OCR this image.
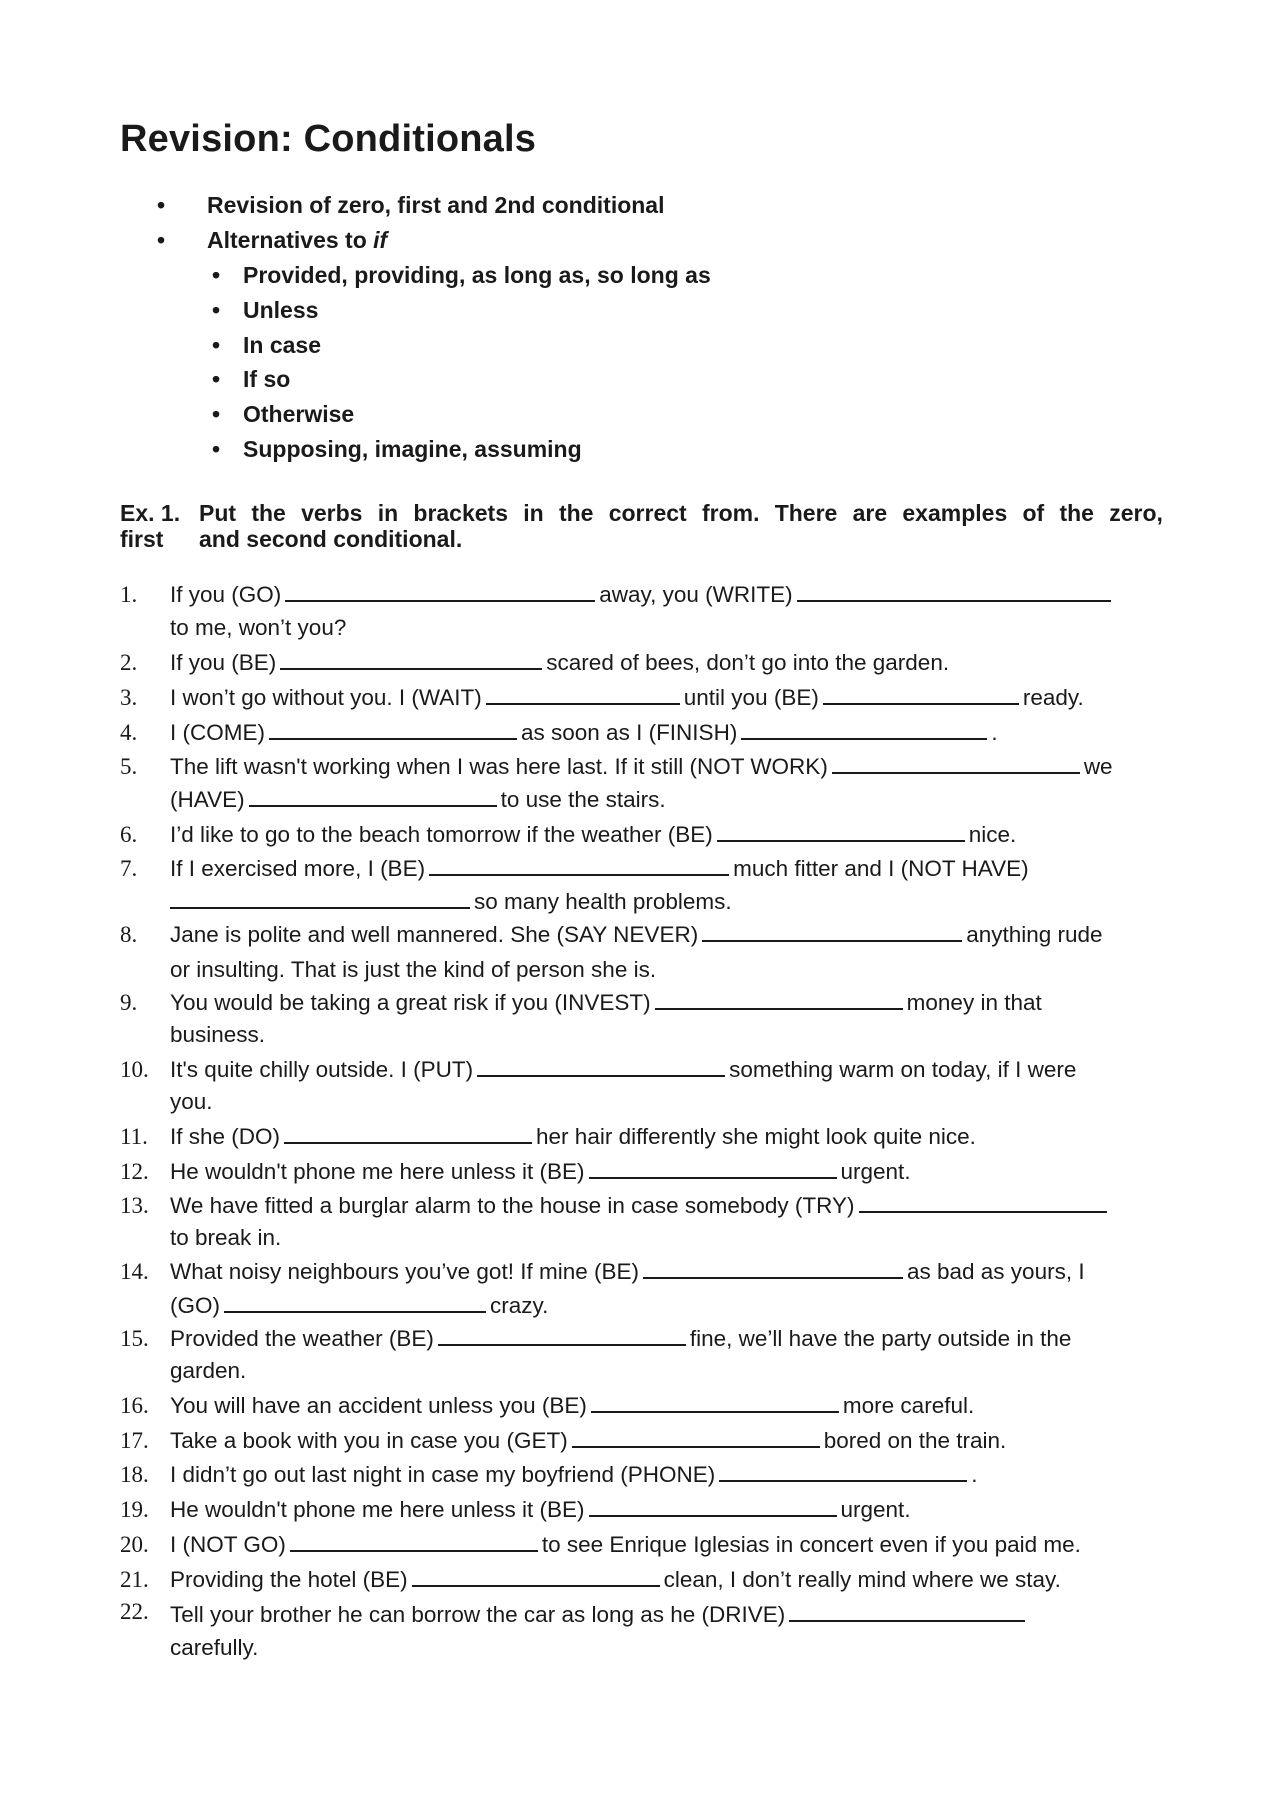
Revision: Conditionals
• Revision of zero, first and 2nd conditional
• Alternatives to if
• Provided, providing, as long as, so long as
• Unless
• In case
• If so
• Otherwise
• Supposing, imagine, assuming
Ex. 1. Put the verbs in brackets in the correct from. There are examples of the zero,
first	and second conditional.
1. If you (GO)	away, you (WRITE)
to me, won’t you?
2. If you (BE)	scared of bees, don’t go into the garden.
3. I won’t go without you. I (WAIT)	until you (BE)	ready.
4. I (COME)	as soon as I (FINISH)	.
5. The lift wasn't working when I was here last. If it still (NOT WORK)	we
(HAVE)	to use the stairs.
6. I’d like to go to the beach tomorrow if the weather (BE)	nice.
7. If I exercised more, I (BE)	much fitter and I (NOT HAVE)
so many health problems.
8. Jane is polite and well mannered. She (SAY NEVER)	anything rude
or insulting. That is just the kind of person she is.
9. You would be taking a great risk if you (INVEST)	money in that
business.
10. It's quite chilly outside. I (PUT)	something warm on today, if I were
you.
11. If she (DO)	her hair differently she might look quite nice.
12. He wouldn't phone me here unless it (BE)	urgent.
13. We have fitted a burglar alarm to the house in case somebody (TRY)
to break in.
14. What noisy neighbours you’ve got! If mine (BE)	as bad as yours, I
(GO)	crazy.
15. Provided the weather (BE)	fine, we’ll have the party outside in the
garden.
16. You will have an accident unless you (BE)	more careful.
17. Take a book with you in case you (GET)	bored on the train.
18. I didn’t go out last night in case my boyfriend (PHONE)	.
19. He wouldn't phone me here unless it (BE)	urgent.
20. I (NOT GO)	to see Enrique Iglesias in concert even if you paid me.
21. Providing the hotel (BE)	clean, I don’t really mind where we stay.
22. Tell your brother he can borrow the car as long as he (DRIVE)
carefully.
